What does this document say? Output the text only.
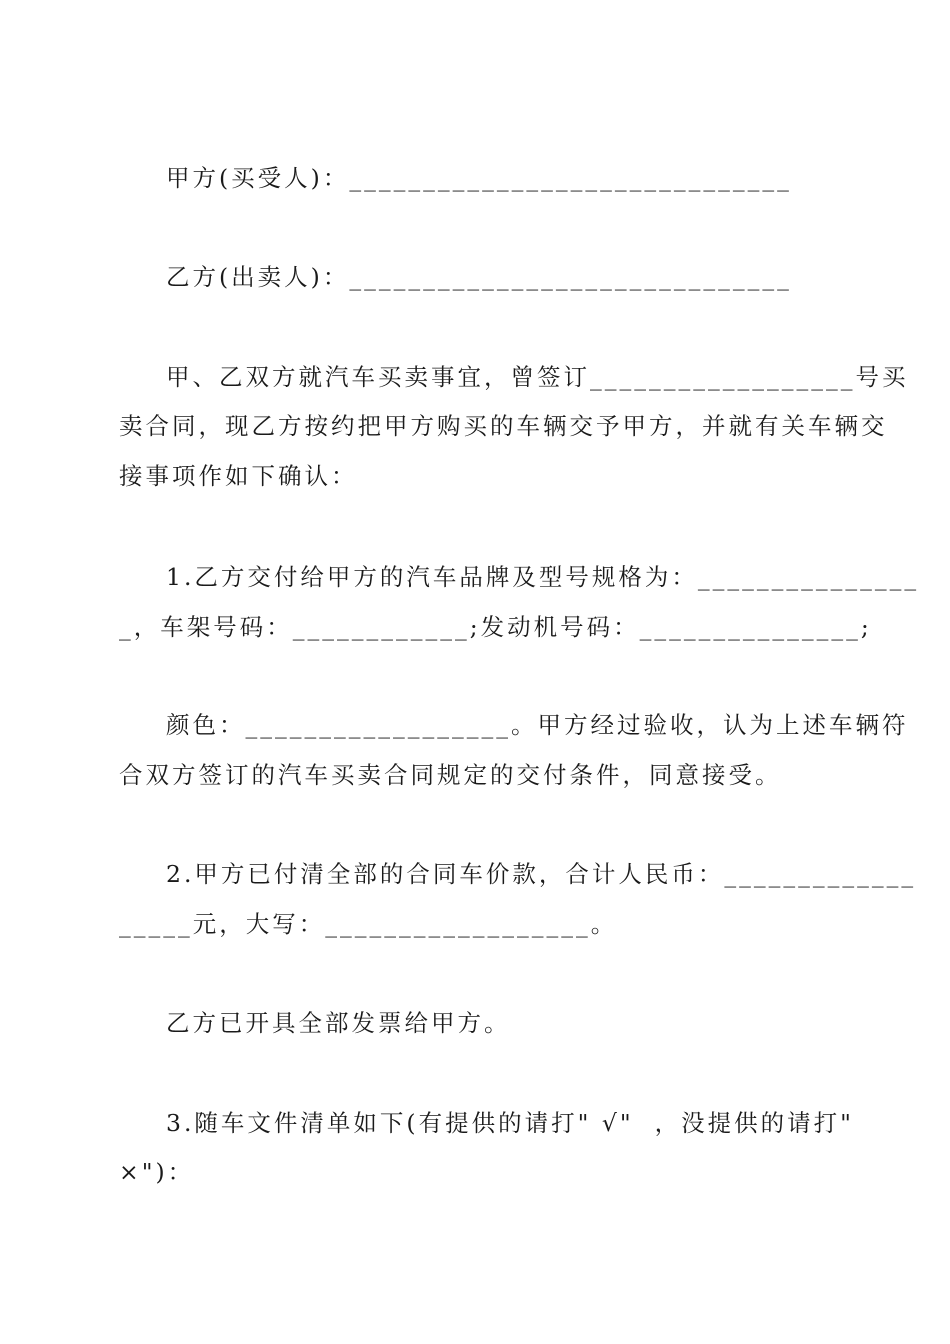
甲方(买受人)：______________________________
乙方(出卖人)：______________________________
甲、乙双方就汽车买卖事宜，曾签订__________________号买
卖合同，现乙方按约把甲方购买的车辆交予甲方，并就有关车辆交
接事项作如下确认：
1.乙方交付给甲方的汽车品牌及型号规格为：_______________
_，车架号码：____________;发动机号码：_______________;
颜色：__________________。甲方经过验收，认为上述车辆符
合双方签订的汽车买卖合同规定的交付条件，同意接受。
2.甲方已付清全部的合同车价款，合计人民币：_____________
_____元，大写：__________________。
乙方已开具全部发票给甲方。
3.随车文件清单如下(有提供的请打" √"  ，没提供的请打"
×")：
